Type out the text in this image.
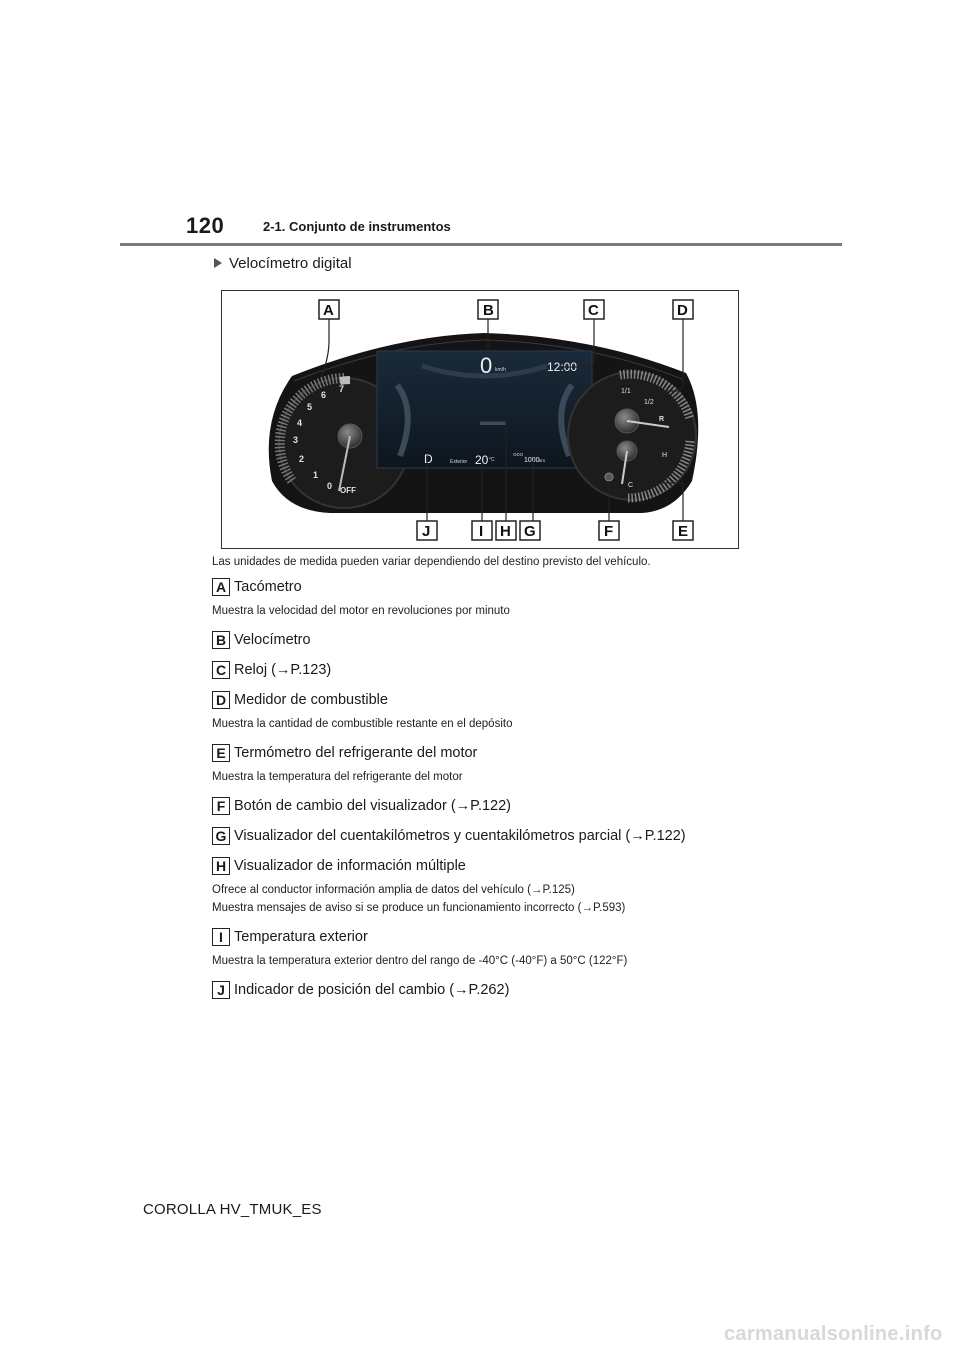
120	2-1. Conjunto de instrumentos
Velocímetro digital
7
6
5
4
3
2
1
0 OFF
0 km/h	12:00
D	Exterior 20 °C
ODO
1000 km
1/1
1/2
R
H
C
A	B	C	D
J	I H G	F	E
Las unidades de medida pueden variar dependiendo del destino previsto del vehículo.
A Tacómetro
Muestra la velocidad del motor en revoluciones por minuto
B Velocímetro
C Reloj (→P.123)
D Medidor de combustible
Muestra la cantidad de combustible restante en el depósito
E Termómetro del refrigerante del motor
Muestra la temperatura del refrigerante del motor
F Botón de cambio del visualizador (→P.122)
G Visualizador del cuentakilómetros y cuentakilómetros parcial (→P.122)
H Visualizador de información múltiple
Ofrece al conductor información amplia de datos del vehículo (→P.125)
Muestra mensajes de aviso si se produce un funcionamiento incorrecto (→P.593)
I Temperatura exterior
Muestra la temperatura exterior dentro del rango de -40°C (-40°F) a 50°C (122°F)
J Indicador de posición del cambio (→P.262)
COROLLA HV_TMUK_ES
carmanualsonline.info
